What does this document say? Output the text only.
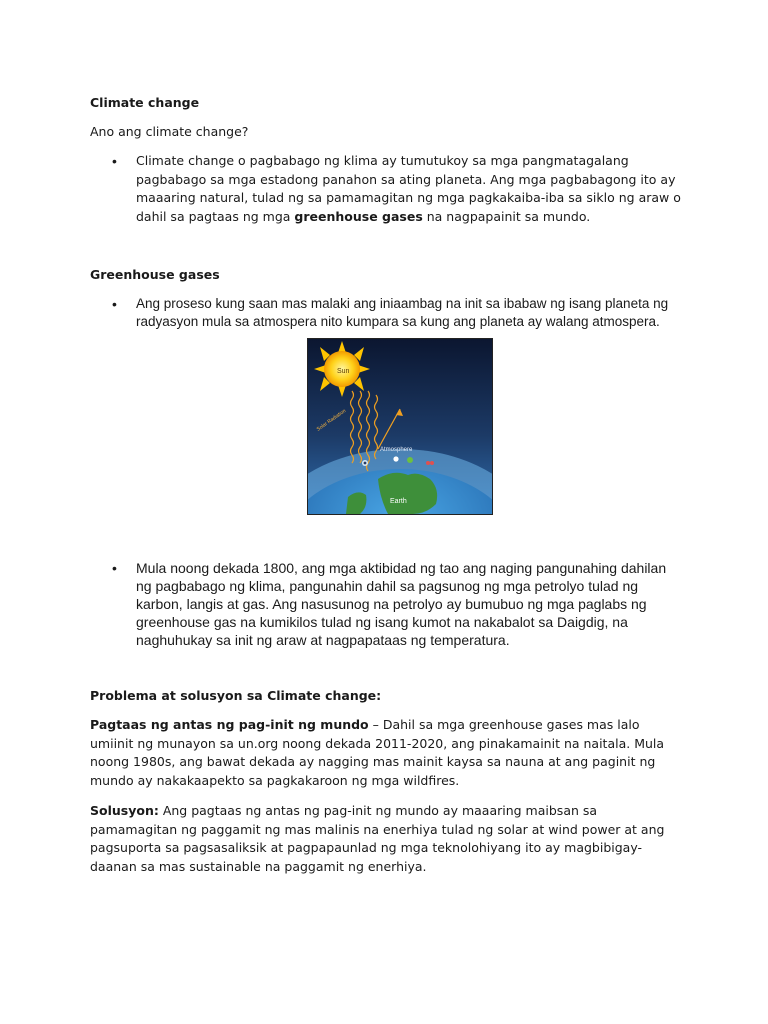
Climate change
Ano ang climate change?
• Climate change o pagbabago ng klima ay tumutukoy sa mga pangmatagalang pagbabago sa mga estadong panahon sa ating planeta. Ang mga pagbabagong ito ay maaaring natural, tulad ng sa pamamagitan ng mga pagkakaiba-iba sa siklo ng araw o dahil sa pagtaas ng mga greenhouse gases na nagpapainit sa mundo.
Greenhouse gases
• Ang proseso kung saan mas malaki ang iniaambag na init sa ibabaw ng isang planeta ng radyasyon mula sa atmospera nito kumpara sa kung ang planeta ay walang atmospera.
Sun
Solar Radiation
Atmosphere
Earth
• Mula noong dekada 1800, ang mga aktibidad ng tao ang naging pangunahing dahilan ng pagbabago ng klima, pangunahin dahil sa pagsunog ng mga petrolyo tulad ng karbon, langis at gas. Ang nasusunog na petrolyo ay bumubuo ng mga paglabs ng greenhouse gas na kumikilos tulad ng isang kumot na nakabalot sa Daigdig, na naghuhukay sa init ng araw at nagpapataas ng temperatura.
Problema at solusyon sa Climate change:
Pagtaas ng antas ng pag-init ng mundo – Dahil sa mga greenhouse gases mas lalo umiinit ng munayon sa un.org noong dekada 2011-2020, ang pinakamainit na naitala. Mula noong 1980s, ang bawat dekada ay nagging mas mainit kaysa sa nauna at ang paginit ng mundo ay nakakaapekto sa pagkakaroon ng mga wildfires.
Solusyon: Ang pagtaas ng antas ng pag-init ng mundo ay maaaring maibsan sa pamamagitan ng paggamit ng mas malinis na enerhiya tulad ng solar at wind power at ang pagsuporta sa pagsasaliksik at pagpapaunlad ng mga teknolohiyang ito ay magbibigay-daanan sa mas sustainable na paggamit ng enerhiya.
